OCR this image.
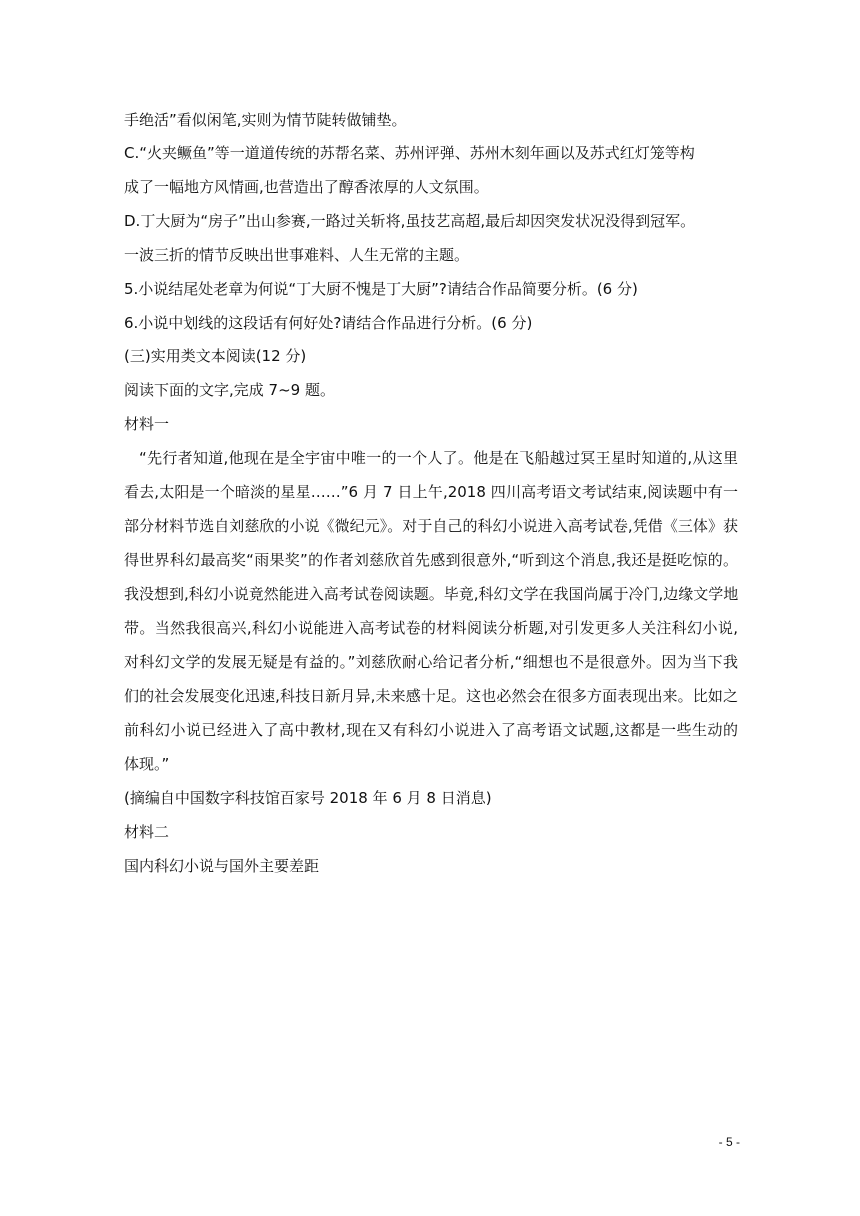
手绝活”看似闲笔,实则为情节陡转做铺垫。
C.“火夹鳜鱼”等一道道传统的苏帮名菜、苏州评弹、苏州木刻年画以及苏式红灯笼等构
成了一幅地方风情画,也营造出了醇香浓厚的人文氛围。
D.丁大厨为“房子”出山参赛,一路过关斩将,虽技艺高超,最后却因突发状况没得到冠军。
一波三折的情节反映出世事难料、人生无常的主题。
5.小说结尾处老章为何说“丁大厨不愧是丁大厨”?请结合作品简要分析。(6 分)
6.小说中划线的这段话有何好处?请结合作品进行分析。(6 分)
(三)实用类文本阅读(12 分)
阅读下面的文字,完成 7~9 题。
材料一
“先行者知道,他现在是全宇宙中唯一的一个人了。他是在飞船越过冥王星时知道的,从这里
看去,太阳是一个暗淡的星星……”6 月 7 日上午,2018 四川高考语文考试结束,阅读题中有一
部分材料节选自刘慈欣的小说《微纪元》。对于自己的科幻小说进入高考试卷,凭借《三体》获
得世界科幻最高奖“雨果奖”的作者刘慈欣首先感到很意外,“听到这个消息,我还是挺吃惊的。
我没想到,科幻小说竟然能进入高考试卷阅读题。毕竟,科幻文学在我国尚属于冷门,边缘文学地
带。当然我很高兴,科幻小说能进入高考试卷的材料阅读分析题,对引发更多人关注科幻小说,
对科幻文学的发展无疑是有益的。”刘慈欣耐心给记者分析,“细想也不是很意外。因为当下我
们的社会发展变化迅速,科技日新月异,未来感十足。这也必然会在很多方面表现出来。比如之
前科幻小说已经进入了高中教材,现在又有科幻小说进入了高考语文试题,这都是一些生动的
体现。”
(摘编自中国数字科技馆百家号 2018 年 6 月 8 日消息)
材料二
国内科幻小说与国外主要差距
- 5 -
